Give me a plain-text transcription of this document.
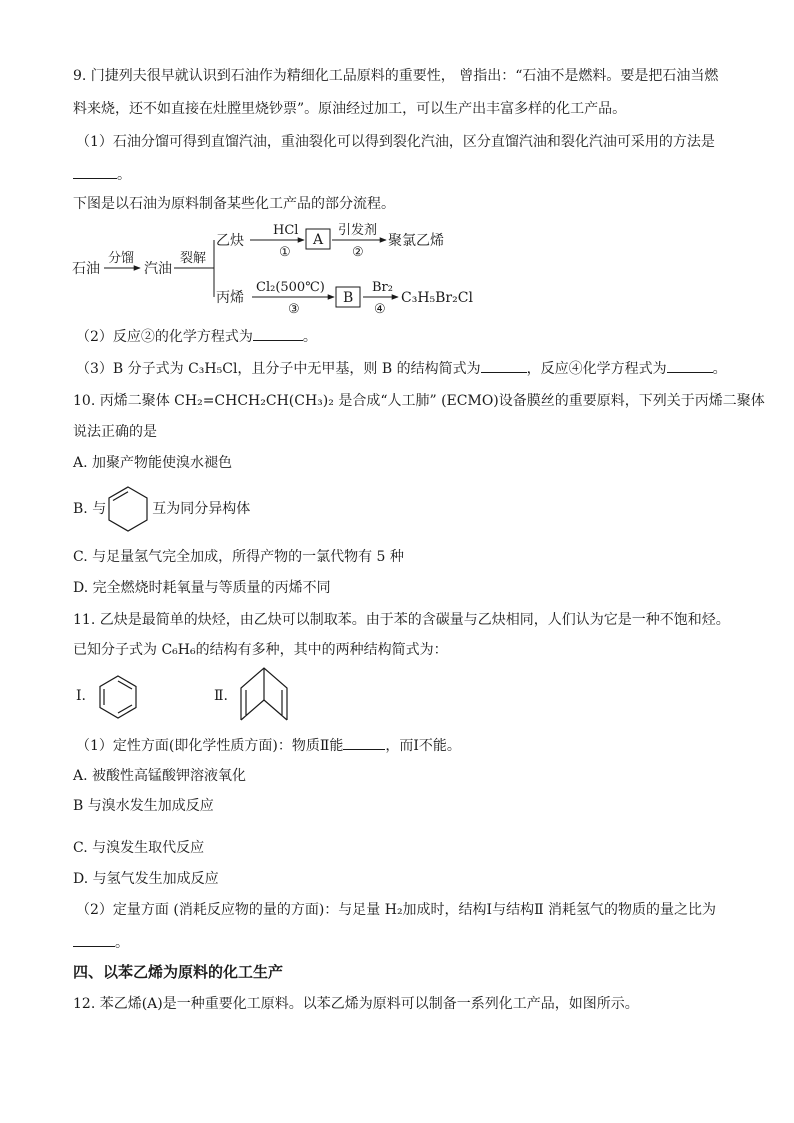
9. 门捷列夫很早就认识到石油作为精细化工品原料的重要性， 曾指出：“石油不是燃料。要是把石油当燃
料来烧，还不如直接在灶膛里烧钞票”。原油经过加工，可以生产出丰富多样的化工产品。
（1）石油分馏可得到直馏汽油，重油裂化可以得到裂化汽油，区分直馏汽油和裂化汽油可采用的方法是
。
下图是以石油为原料制备某些化工产品的部分流程。
石油
分馏
汽油
裂解
乙炔
HCl
①
A
引发剂
②
聚氯乙烯
丙烯
Cl₂(500℃)
③
B
Br₂
④
C₃H₅Br₂Cl
（2）反应②的化学方程式为	。
（3）B 分子式为 C₃H₅Cl，且分子中无甲基，则 B 的结构简式为	，反应④化学方程式为	。
10. 丙烯二聚体 CH₂=CHCH₂CH(CH₃)₂ 是合成“人工肺” (ECMO)设备膜丝的重要原料，下列关于丙烯二聚体
说法正确的是
A. 加聚产物能使溴水褪色
B. 与	互为同分异构体
C. 与足量氢气完全加成，所得产物的一氯代物有 5 种
D. 完全燃烧时耗氧量与等质量的丙烯不同
11. 乙炔是最简单的炔烃，由乙炔可以制取苯。由于苯的含碳量与乙炔相同，人们认为它是一种不饱和烃。
已知分子式为 C₆H₆的结构有多种，其中的两种结构简式为：
Ⅰ.	Ⅱ.
（1）定性方面(即化学性质方面)：物质Ⅱ能	，而Ⅰ不能。
A. 被酸性高锰酸钾溶液氧化
B 与溴水发生加成反应
C. 与溴发生取代反应
D. 与氢气发生加成反应
（2）定量方面 (消耗反应物的量的方面)：与足量 H₂加成时，结构Ⅰ与结构Ⅱ 消耗氢气的物质的量之比为
。
四、以苯乙烯为原料的化工生产
12. 苯乙烯(A)是一种重要化工原料。以苯乙烯为原料可以制备一系列化工产品，如图所示。
